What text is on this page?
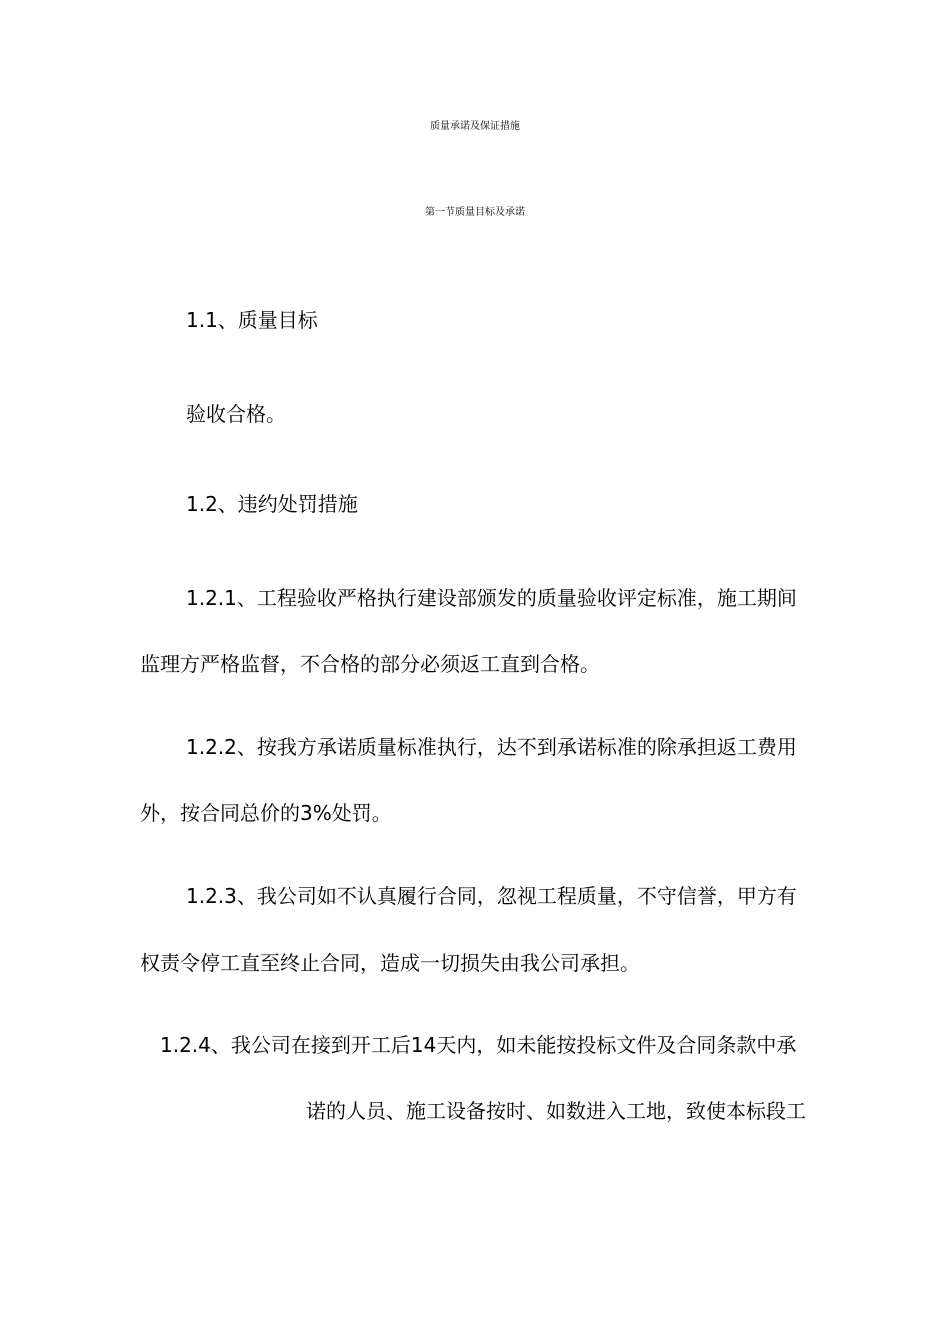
质量承诺及保证措施
第一节质量目标及承诺
1.1、质量目标
验收合格。
1.2、违约处罚措施
1.2.1、工程验收严格执行建设部颁发的质量验收评定标准，施工期间
监理方严格监督，不合格的部分必须返工直到合格。
1.2.2、按我方承诺质量标准执行，达不到承诺标准的除承担返工费用
外，按合同总价的3%处罚。
1.2.3、我公司如不认真履行合同，忽视工程质量，不守信誉，甲方有
权责令停工直至终止合同，造成一切损失由我公司承担。
1.2.4、我公司在接到开工后14天内，如未能按投标文件及合同条款中承
诺的人员、施工设备按时、如数进入工地，致使本标段工
